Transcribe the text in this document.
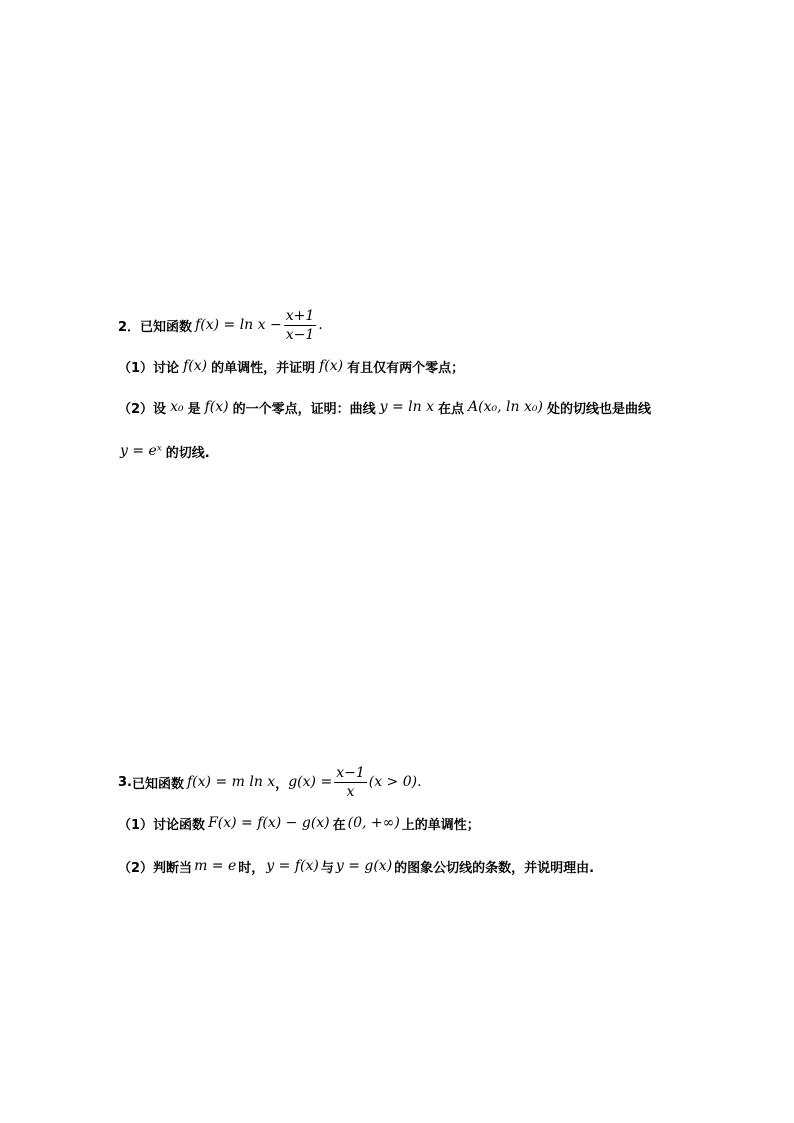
2． 已知函数 $f(x) = \ln x - \frac{x+1}{x-1}$ .
（1） 讨论 f(x) 的单调性，并证明 f(x) 有且仅有两个零点；
（2） 设 x₀ 是 f(x) 的一个零点，证明：曲线 y = ln x 在点 A(x₀, ln x₀) 处的切线也是曲线
y = eˣ 的切线.
3. 已知函数 f(x) = m ln x ， $g(x) = \frac{x-1}{x} (x > 0)$ .
（1） 讨论函数 F(x) = f(x) − g(x) 在 (0, +∞) 上的单调性；
（2） 判断当 m = e 时， y = f(x) 与 y = g(x) 的图象公切线的条数，并说明理由.
